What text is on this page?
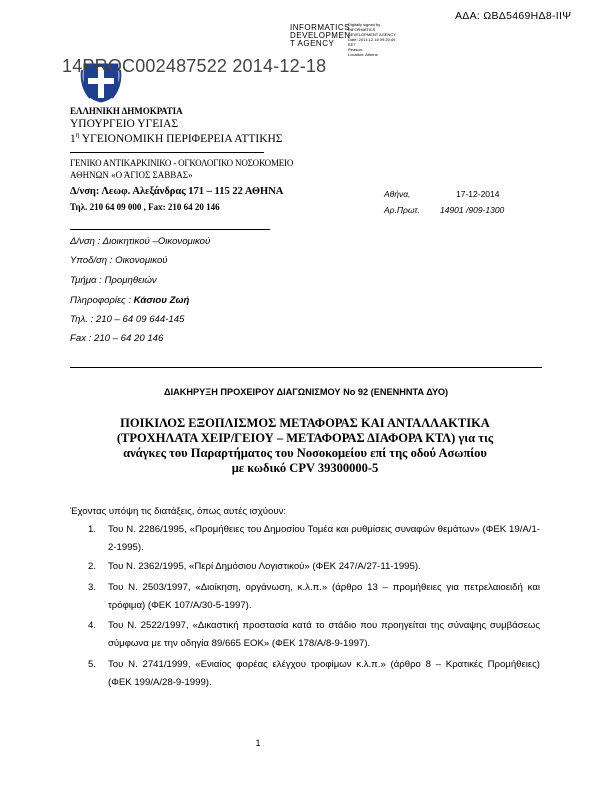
ΑΔΑ: ΩΒΔ5469ΗΔ8-ΙΙΨ
INFORMATICS
DEVELOPMEN
T AGENCY
Digitally signed by
INFORMATICS
DEVELOPMENT AGENCY
Date: 2014.12.18 09:20:49
EET
Reason:
Location: Athens
14PROC002487522 2014-12-18
ΕΛΛΗΝΙΚΗ ΔΗΜΟΚΡΑΤΙΑ
ΥΠΟΥΡΓΕΙΟ ΥΓΕΙΑΣ
$1^\eta$ ΥΓΕΙΟΝΟΜΙΚΗ ΠΕΡΙΦΕΡΕΙΑ ΑΤΤΙΚΗΣ
ΓΕΝΙΚΟ ΑΝΤΙΚΑΡΚΙΝΙΚΟ - ΟΓΚΟΛΟΓΙΚΟ ΝΟΣΟΚΟΜΕΙΟ
ΑΘΗΝΩΝ «Ο ΆΓΙΟΣ ΣΑΒΒΑΣ»
Δ/νση: Λεωφ. Αλεξάνδρας 171 – 115 22 ΑΘΗΝΑ
Τηλ. 210 64 09 000 , Fax: 210 64 20 146
Αθήνα,	17-12-2014
Αρ.Πρωτ. 14901 /909-1300
Δ/νση : Διοικητικού –Οικονομικού
Υποδ/ση : Οικονομικού
Τμήμα : Προμηθειών
Πληροφορίες : Κάσιου Ζωή
Τηλ. : 210 – 64 09 644-145
Fax : 210 – 64 20 146
ΔΙΑΚΗΡΥΞΗ ΠΡΟΧΕΙΡΟΥ ΔΙΑΓΩΝΙΣΜΟΥ Νο 92 (ΕΝΕΝΗΝΤΑ ΔΥΟ)
ΠΟΙΚΙΛΟΣ ΕΞΟΠΛΙΣΜΟΣ ΜΕΤΑΦΟΡΑΣ ΚΑΙ ΑΝΤΑΛΛΑΚΤΙΚΑ
(ΤΡΟΧΗΛΑΤΑ ΧΕΙΡ/ΓΕΙΟΥ – ΜΕΤΑΦΟΡΑΣ ΔΙΑΦΟΡΑ ΚΤΛ) για τις
ανάγκες του Παραρτήματος του Νοσοκομείου επί της οδού Ασωπίου
με κωδικό CPV 39300000-5
Έχοντας υπόψη τις διατάξεις, όπως αυτές ισχύουν:
1. Του Ν. 2286/1995, «Προμήθειες του Δημοσίου Τομέα και ρυθμίσεις συναφών θεμάτων» (ΦΕΚ 19/Α/1-2-1995).
2. Του Ν. 2362/1995, «Περί Δημόσιου Λογιστικού» (ΦΕΚ 247/Α/27-11-1995).
3. Του Ν. 2503/1997, «Διοίκηση, οργάνωση, κ.λ.π.» (άρθρο 13 – προμήθειες για πετρελαιοειδή και τρόφιμα) (ΦΕΚ 107/Α/30-5-1997).
4. Του Ν. 2522/1997, «Δικαστική προστασία κατά το στάδιο που προηγείται της σύναψης συμβάσεως σύμφωνα με την οδηγία 89/665 ΕΟΚ» (ΦΕΚ 178/Α/8-9-1997).
5. Του Ν. 2741/1999, «Ενιαίος φορέας ελέγχου τροφίμων κ.λ.π.» (άρθρο 8 – Κρατικές Προμήθειες) (ΦΕΚ 199/Α/28-9-1999).
1
